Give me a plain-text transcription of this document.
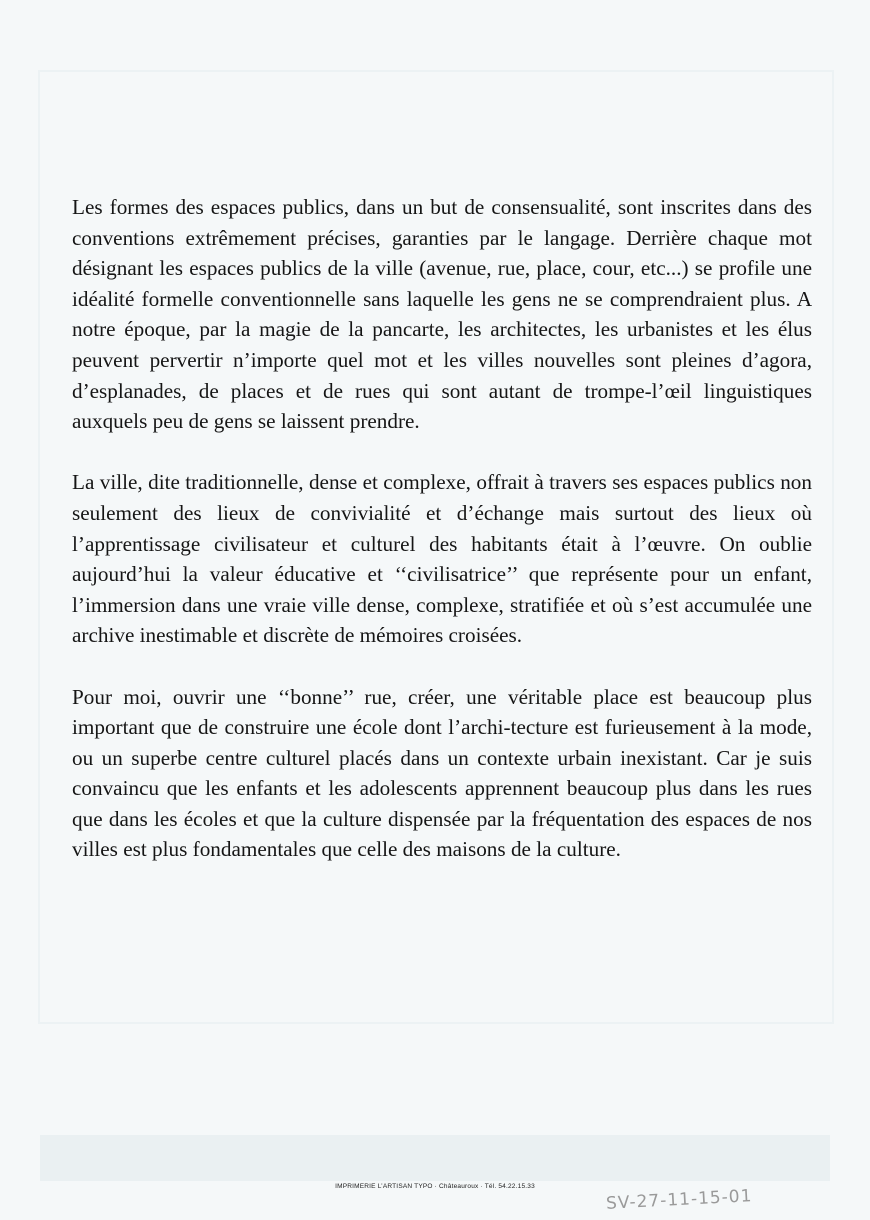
Les formes des espaces publics, dans un but de consensualité, sont inscrites dans des conventions extrêmement précises, garanties par le langage. Derrière chaque mot désignant les espaces publics de la ville (avenue, rue, place, cour, etc...) se profile une idéalité formelle conventionnelle sans laquelle les gens ne se comprendraient plus. A notre époque, par la magie de la pancarte, les architectes, les urbanistes et les élus peuvent pervertir n’importe quel mot et les villes nouvelles sont pleines d’agora, d’esplanades, de places et de rues qui sont autant de trompe-l’œil linguistiques auxquels peu de gens se laissent prendre.

La ville, dite traditionnelle, dense et complexe, offrait à travers ses espaces publics non seulement des lieux de convivialité et d’échange mais surtout des lieux où l’apprentissage civilisateur et culturel des habitants était à l’œuvre. On oublie aujourd’hui la valeur éducative et ‘‘civilisatrice’’ que représente pour un enfant, l’immersion dans une vraie ville dense, complexe, stratifiée et où s’est accumulée une archive inestimable et discrète de mémoires croisées.

Pour moi, ouvrir une ‘‘bonne’’ rue, créer, une véritable place est beaucoup plus important que de construire une école dont l’archi-tecture est furieusement à la mode, ou un superbe centre culturel placés dans un contexte urbain inexistant. Car je suis convaincu que les enfants et les adolescents apprennent beaucoup plus dans les rues que dans les écoles et que la culture dispensée par la fréquentation des espaces de nos villes est plus fondamentales que celle des maisons de la culture.

IMPRIMERIE L’ARTISAN TYPO · Châteauroux · Tél. 54.22.15.33	SV-27-11-15-01
